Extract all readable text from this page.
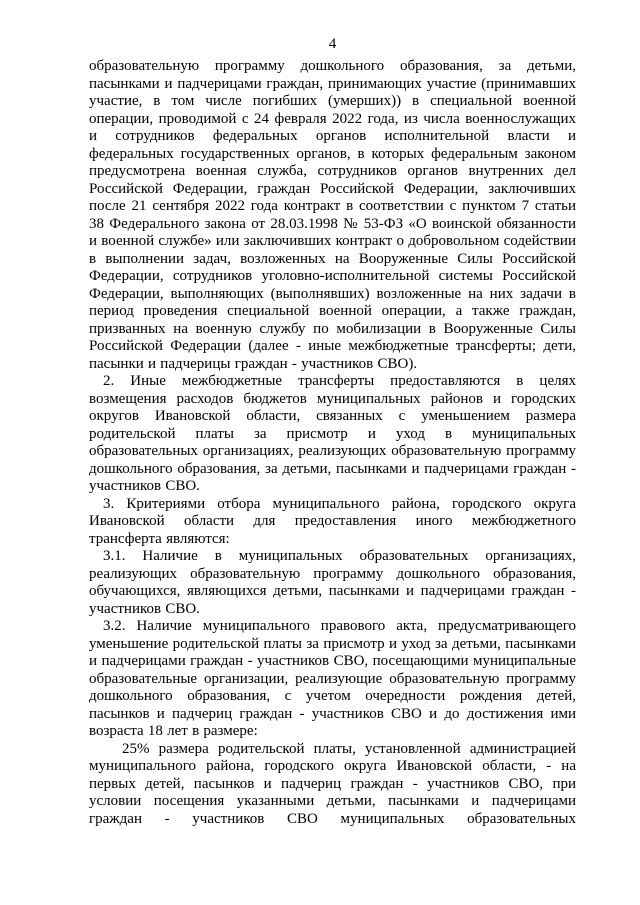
4

образовательную программу дошкольного образования, за детьми, пасынками и падчерицами граждан, принимающих участие (принимавших участие, в том числе погибших (умерших)) в специальной военной операции, проводимой с 24 февраля 2022 года, из числа военнослужащих и сотрудников федеральных органов исполнительной власти и федеральных государственных органов, в которых федеральным законом предусмотрена военная служба, сотрудников органов внутренних дел Российской Федерации, граждан Российской Федерации, заключивших после 21 сентября 2022 года контракт в соответствии с пунктом 7 статьи 38 Федерального закона от 28.03.1998 № 53-ФЗ «О воинской обязанности и военной службе» или заключивших контракт о добровольном содействии в выполнении задач, возложенных на Вооруженные Силы Российской Федерации, сотрудников уголовно-исполнительной системы Российской Федерации, выполняющих (выполнявших) возложенные на них задачи в период проведения специальной военной операции, а также граждан, призванных на военную службу по мобилизации в Вооруженные Силы Российской Федерации (далее - иные межбюджетные трансферты; дети, пасынки и падчерицы граждан - участников СВО).

2. Иные межбюджетные трансферты предоставляются в целях возмещения расходов бюджетов муниципальных районов и городских округов Ивановской области, связанных с уменьшением размера родительской платы за присмотр и уход в муниципальных образовательных организациях, реализующих образовательную программу дошкольного образования, за детьми, пасынками и падчерицами граждан - участников СВО.

3. Критериями отбора муниципального района, городского округа Ивановской области для предоставления иного межбюджетного трансферта являются:

3.1. Наличие в муниципальных образовательных организациях, реализующих образовательную программу дошкольного образования, обучающихся, являющихся детьми, пасынками и падчерицами граждан - участников СВО.

3.2. Наличие муниципального правового акта, предусматривающего уменьшение родительской платы за присмотр и уход за детьми, пасынками и падчерицами граждан - участников СВО, посещающими муниципальные образовательные организации, реализующие образовательную программу дошкольного образования, с учетом очередности рождения детей, пасынков и падчериц граждан - участников СВО и до достижения ими возраста 18 лет в размере:

25% размера родительской платы, установленной администрацией муниципального района, городского округа Ивановской области, - на первых детей, пасынков и падчериц граждан - участников СВО, при условии посещения указанными детьми, пасынками и падчерицами граждан - участников СВО муниципальных образовательных
